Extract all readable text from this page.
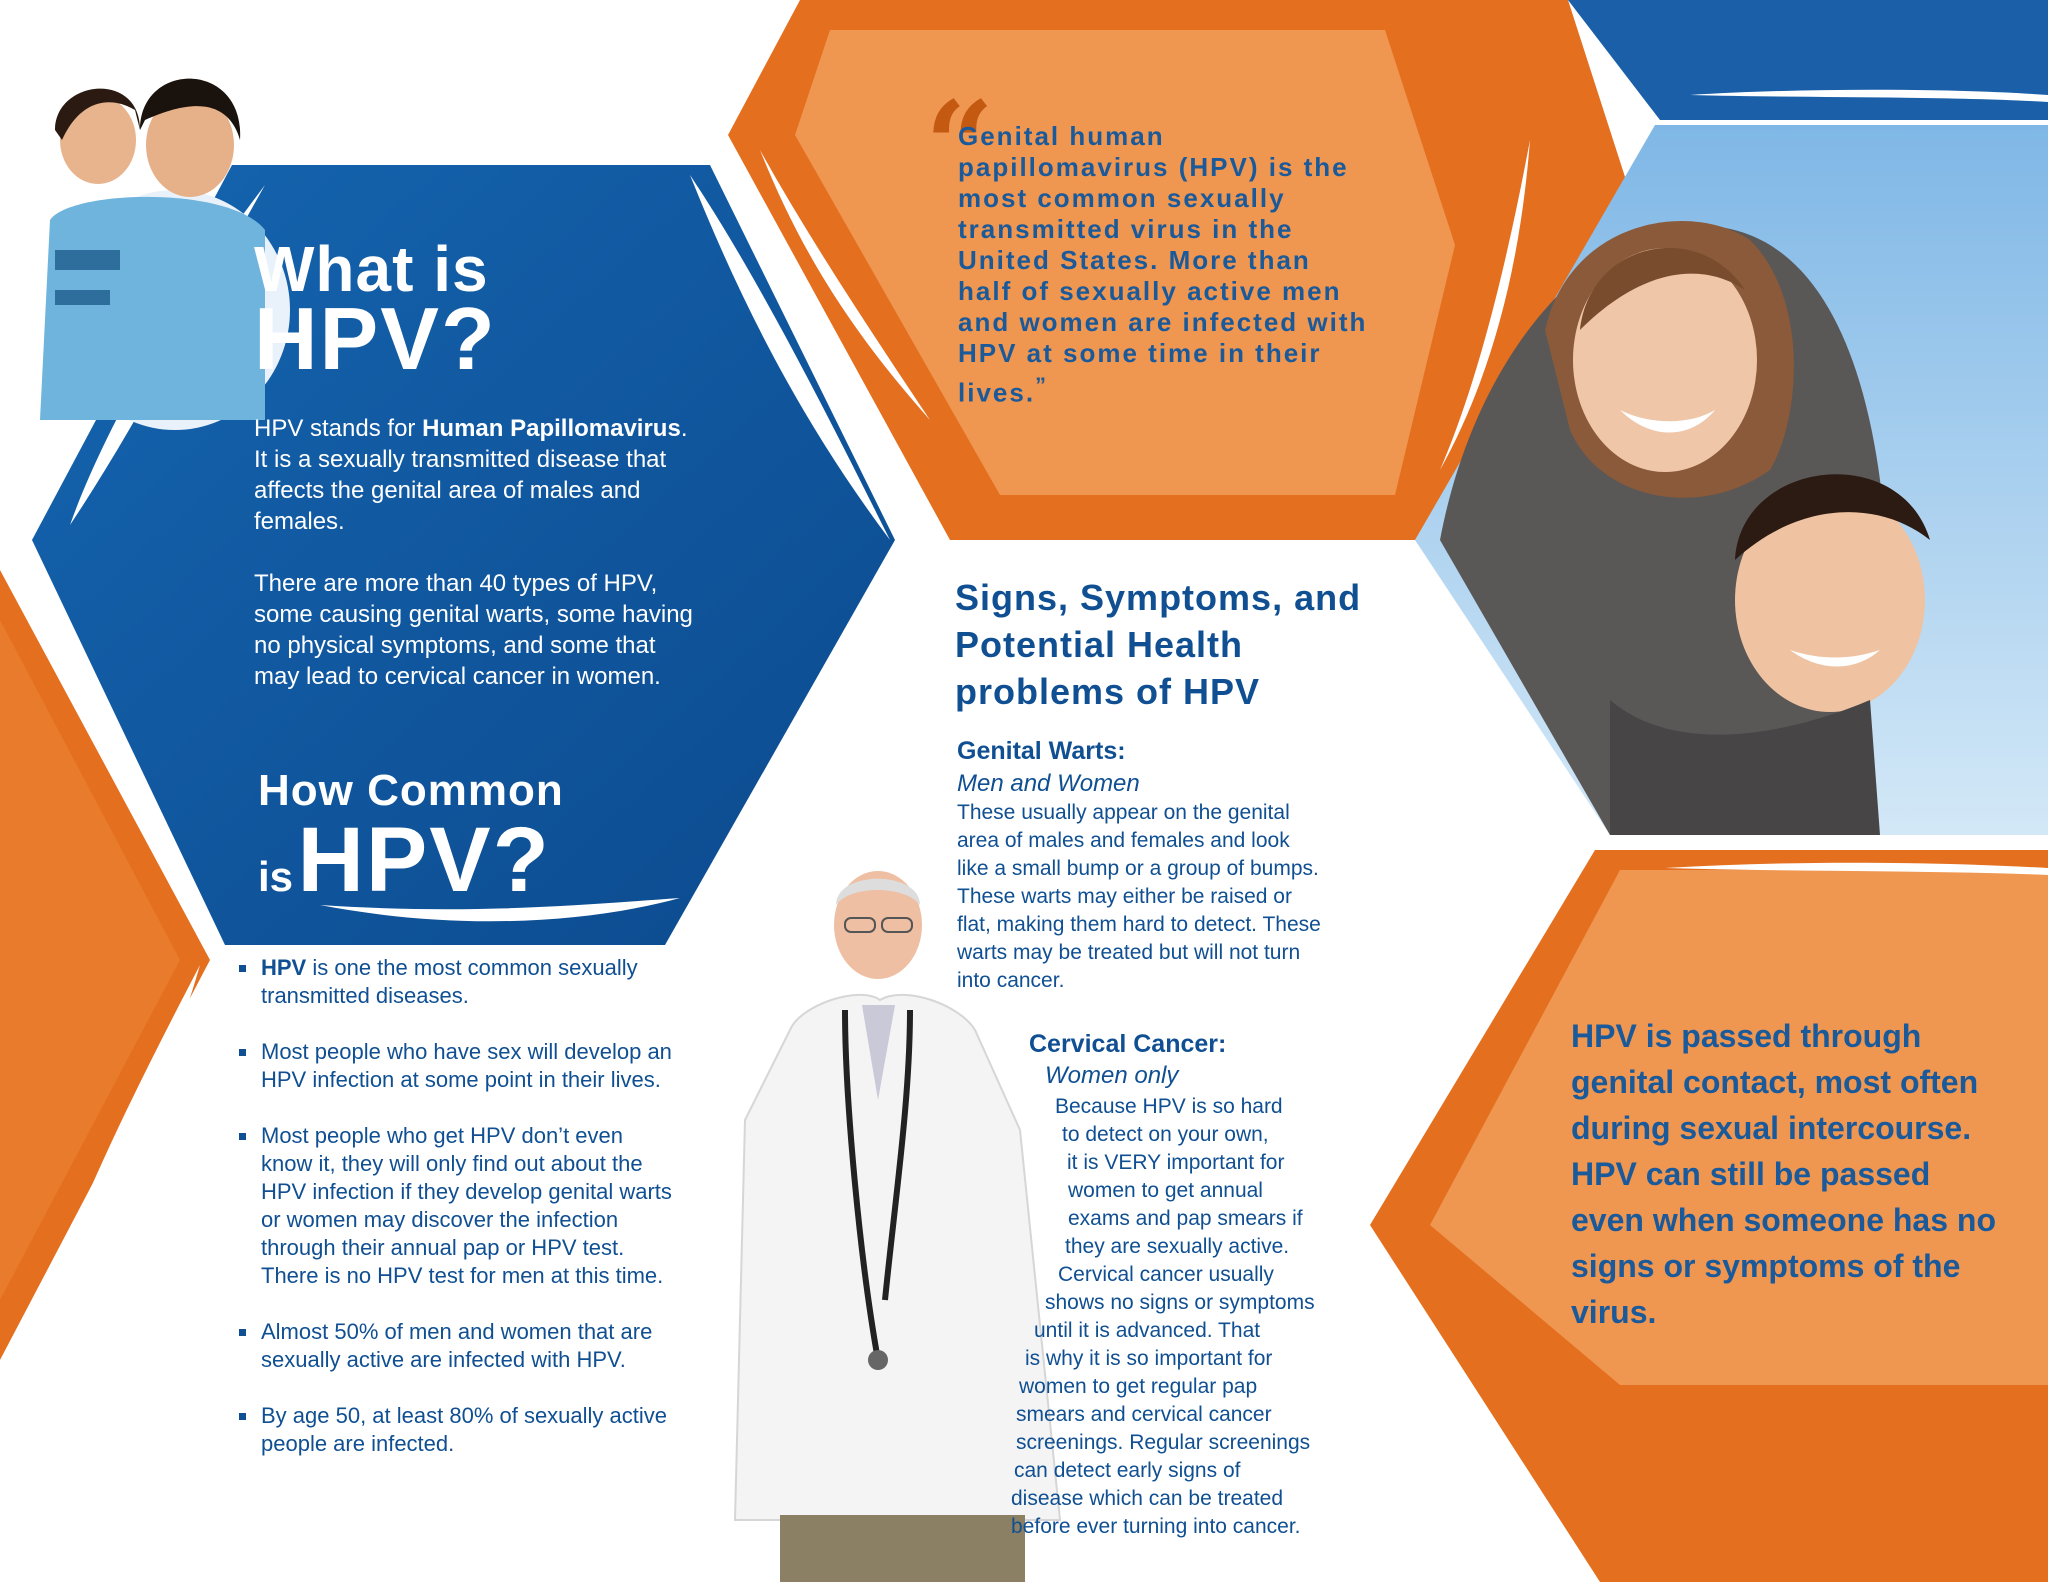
What is
HPV?

HPV stands for Human Papillomavirus. It is a sexually transmitted disease that affects the genital area of males and females.

There are more than 40 types of HPV, some causing genital warts, some having no physical symptoms, and some that may lead to cervical cancer in women.

How Common
is HPV?
HPV is one the most common sexually transmitted diseases.
Most people who have sex will develop an HPV infection at some point in their lives.
Most people who get HPV don’t even know it, they will only find out about the HPV infection if they develop genital warts or women may discover the infection through their annual pap or HPV test. There is no HPV test for men at this time.
Almost 50% of men and women that are sexually active are infected with HPV.
By age 50, at least 80% of sexually active people are infected.
“
Genital human papillomavirus (HPV) is the most common sexually transmitted virus in the United States. More than half of sexually active men and women are infected with HPV at some time in their lives.”
Signs, Symptoms, and Potential Health problems of HPV
Genital Warts:
Men and Women
These usually appear on the genital area of males and females and look like a small bump or a group of bumps. These warts may either be raised or flat, making them hard to detect. These warts may be treated but will not turn into cancer.
Cervical Cancer:
Women only
Because HPV is so hard
to detect on your own,
it is VERY important for
women to get annual
exams and pap smears if
they are sexually active.
Cervical cancer usually
shows no signs or symptoms
until it is advanced. That
is why it is so important for
women to get regular pap
smears and cervical cancer
screenings. Regular screenings
can detect early signs of
disease which can be treated
before ever turning into cancer.
HPV is passed through genital contact, most often during sexual intercourse. HPV can still be passed even when someone has no signs or symptoms of the virus.
